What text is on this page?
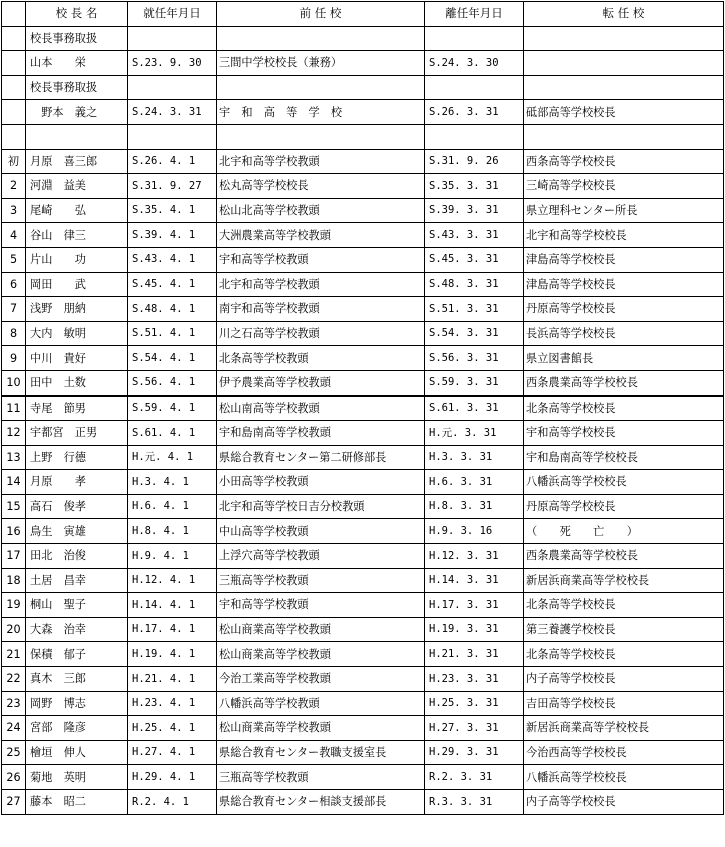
	校 長 名	就任年月日	前 任 校	離任年月日	転 任 校
	校長事務取扱				
	山本　　栄	S.23. 9. 30	三間中学校校長（兼務）	S.24. 3. 30	
	校長事務取扱				
	　野本　義之	S.24. 3. 31	宇　和　高　等　学　校	S.26. 3. 31	砥部高等学校校長

初	月原　喜三郎	S.26. 4. 1	北宇和高等学校教頭	S.31. 9. 26	西条高等学校校長
2	河淵　益美	S.31. 9. 27	松丸高等学校校長	S.35. 3. 31	三崎高等学校校長
3	尾崎　　弘	S.35. 4. 1	松山北高等学校教頭	S.39. 3. 31	県立理科センター所長
4	谷山　律三	S.39. 4. 1	大洲農業高等学校教頭	S.43. 3. 31	北宇和高等学校校長
5	片山　　功	S.43. 4. 1	宇和高等学校教頭	S.45. 3. 31	津島高等学校校長
6	岡田　　武	S.45. 4. 1	北宇和高等学校教頭	S.48. 3. 31	津島高等学校校長
7	浅野　朋納	S.48. 4. 1	南宇和高等学校教頭	S.51. 3. 31	丹原高等学校校長
8	大内　敏明	S.51. 4. 1	川之石高等学校教頭	S.54. 3. 31	長浜高等学校校長
9	中川　貴好	S.54. 4. 1	北条高等学校教頭	S.56. 3. 31	県立図書館長
10	田中　土数	S.56. 4. 1	伊予農業高等学校教頭	S.59. 3. 31	西条農業高等学校校長
11	寺尾　節男	S.59. 4. 1	松山南高等学校教頭	S.61. 3. 31	北条高等学校校長
12	宇都宮　正男	S.61. 4. 1	宇和島南高等学校教頭	H.元. 3. 31	宇和高等学校校長
13	上野　行德	H.元. 4. 1	県総合教育センター第二研修部長	H.3. 3. 31	宇和島南高等学校校長
14	月原　　孝	H.3. 4. 1	小田高等学校教頭	H.6. 3. 31	八幡浜高等学校校長
15	高石　俊孝	H.6. 4. 1	北宇和高等学校日吉分校教頭	H.8. 3. 31	丹原高等学校校長
16	鳥生　寅雄	H.8. 4. 1	中山高等学校教頭	H.9. 3. 16	（　　死　　亡　　）
17	田北　治俊	H.9. 4. 1	上浮穴高等学校教頭	H.12. 3. 31	西条農業高等学校校長
18	土居　昌幸	H.12. 4. 1	三瓶高等学校教頭	H.14. 3. 31	新居浜商業高等学校校長
19	桐山　聖子	H.14. 4. 1	宇和高等学校教頭	H.17. 3. 31	北条高等学校校長
20	大森　治幸	H.17. 4. 1	松山商業高等学校教頭	H.19. 3. 31	第三養護学校校長
21	保積　郁子	H.19. 4. 1	松山商業高等学校教頭	H.21. 3. 31	北条高等学校校長
22	真木　三郎	H.21. 4. 1	今治工業高等学校教頭	H.23. 3. 31	内子高等学校校長
23	岡野　博志	H.23. 4. 1	八幡浜高等学校教頭	H.25. 3. 31	吉田高等学校校長
24	宮部　隆彦	H.25. 4. 1	松山商業高等学校教頭	H.27. 3. 31	新居浜商業高等学校校長
25	檜垣　伸人	H.27. 4. 1	県総合教育センター教職支援室長	H.29. 3. 31	今治西高等学校校長
26	菊地　英明	H.29. 4. 1	三瓶高等学校教頭	R.2. 3. 31	八幡浜高等学校校長
27	藤本　昭二	R.2. 4. 1	県総合教育センター相談支援部長	R.3. 3. 31	内子高等学校校長
